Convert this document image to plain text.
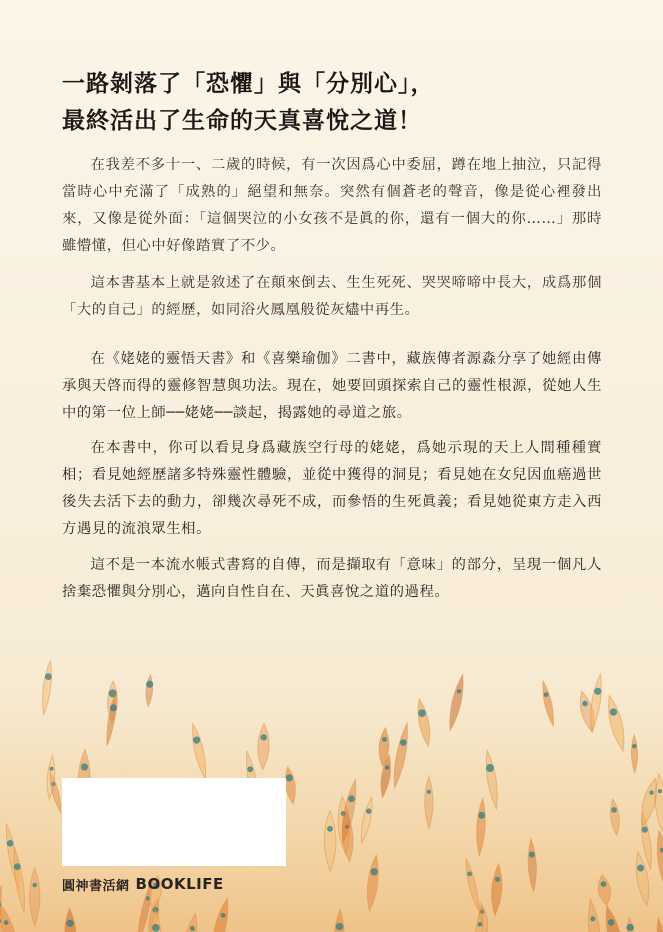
一路剝落了「恐懼」與「分別心」，
最終活出了生命的天真喜悅之道！

在我差不多十一、二歲的時候，有一次因爲心中委屈，蹲在地上抽泣，只記得當時心中充滿了「成熟的」絕望和無奈。突然有個蒼老的聲音，像是從心裡發出來，又像是從外面：「這個哭泣的小女孩不是眞的你，還有一個大的你……」那時雖懵懂，但心中好像踏實了不少。

這本書基本上就是敘述了在顛來倒去、生生死死、哭哭啼啼中長大，成爲那個「大的自己」的經歷，如同浴火鳳凰般從灰燼中再生。

在《姥姥的靈悟天書》和《喜樂瑜伽》二書中，藏族傳者源淼分享了她經由傳承與天啓而得的靈修智慧與功法。現在，她要回頭探索自己的靈性根源，從她人生中的第一位上師──姥姥──談起，揭露她的尋道之旅。

在本書中，你可以看見身爲藏族空行母的姥姥，爲她示現的天上人間種種實相；看見她經歷諸多特殊靈性體驗，並從中獲得的洞見；看見她在女兒因血癌過世後失去活下去的動力，卻幾次尋死不成，而參悟的生死眞義；看見她從東方走入西方遇見的流浪眾生相。

這不是一本流水帳式書寫的自傳，而是擷取有「意味」的部分，呈現一個凡人捨棄恐懼與分別心，邁向自性自在、天眞喜悅之道的過程。

圓神書活網 BOOKLIFE
